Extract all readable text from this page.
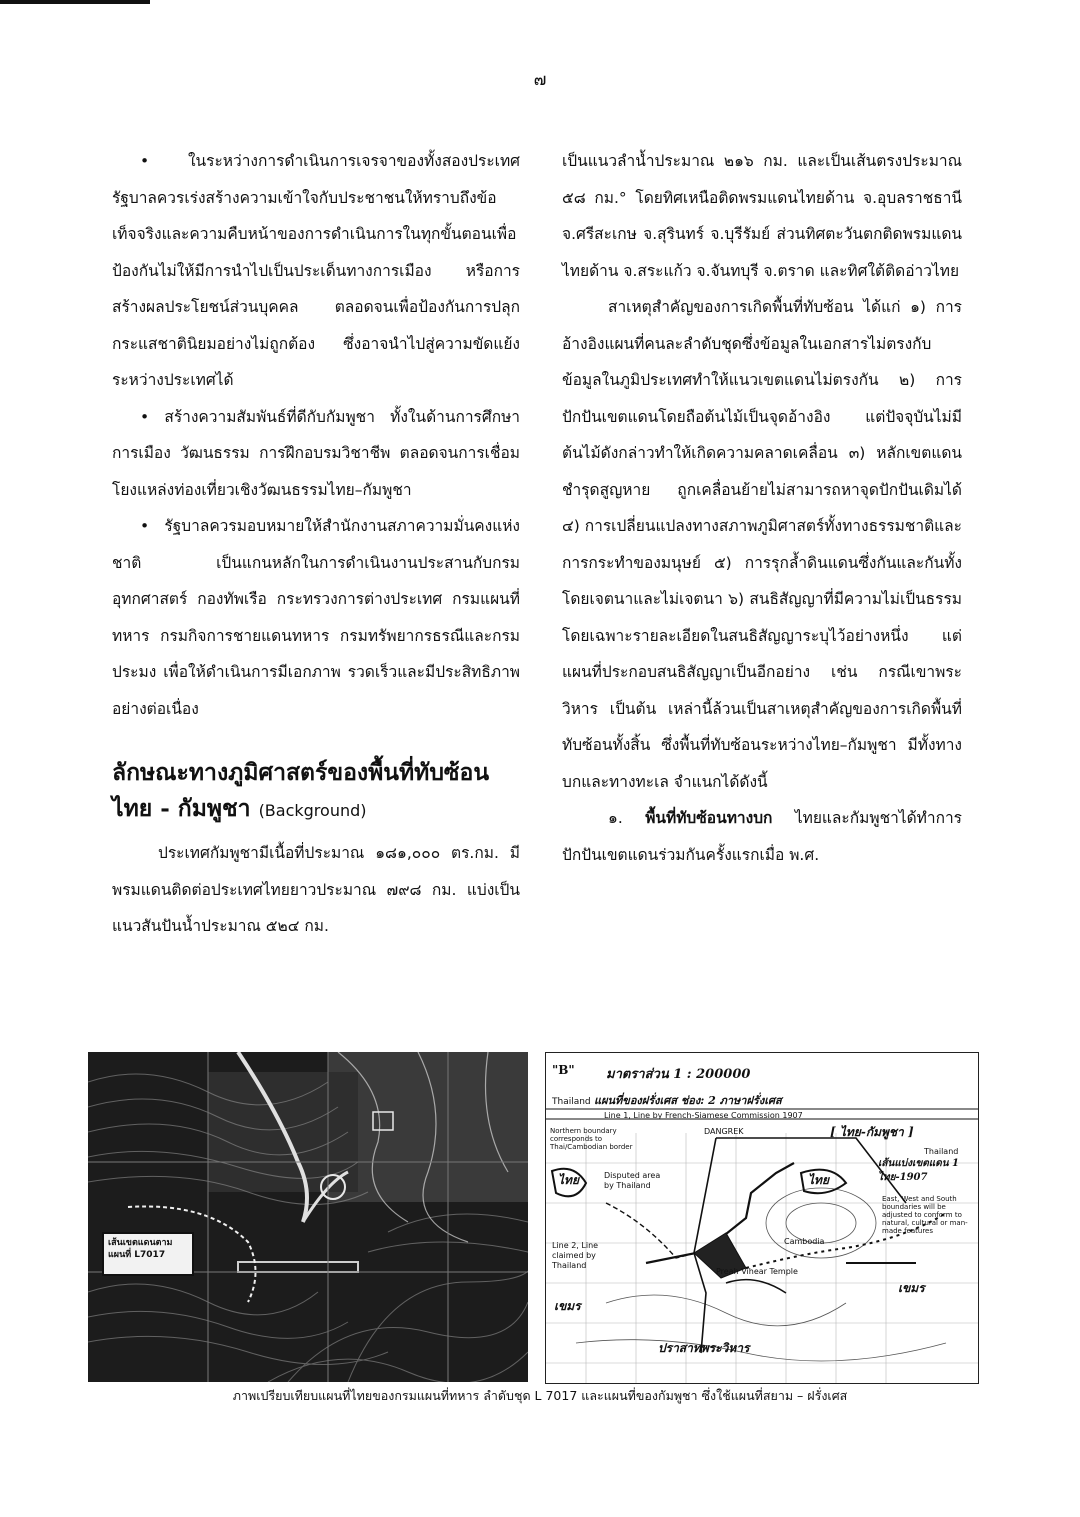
๗

• ในระหว่างการดำเนินการเจรจาของทั้งสองประเทศ รัฐบาลควรเร่งสร้างความเข้าใจกับประชาชนให้ทราบถึงข้อเท็จจริงและความคืบหน้าของการดำเนินการในทุกขั้นตอนเพื่อป้องกันไม่ให้มีการนำไปเป็นประเด็นทางการเมือง หรือการสร้างผลประโยชน์ส่วนบุคคล ตลอดจนเพื่อป้องกันการปลุกกระแสชาตินิยมอย่างไม่ถูกต้อง ซึ่งอาจนำไปสู่ความขัดแย้งระหว่างประเทศได้

• สร้างความสัมพันธ์ที่ดีกับกัมพูชา ทั้งในด้านการศึกษา การเมือง วัฒนธรรม การฝึกอบรมวิชาชีพ ตลอดจนการเชื่อมโยงแหล่งท่องเที่ยวเชิงวัฒนธรรมไทย–กัมพูชา

• รัฐบาลควรมอบหมายให้สำนักงานสภาความมั่นคงแห่งชาติ เป็นแกนหลักในการดำเนินงานประสานกับกรมอุทกศาสตร์ กองทัพเรือ กระทรวงการต่างประเทศ กรมแผนที่ทหาร กรมกิจการชายแดนทหาร กรมทรัพยากรธรณีและกรมประมง เพื่อให้ดำเนินการมีเอกภาพ รวดเร็วและมีประสิทธิภาพอย่างต่อเนื่อง

ลักษณะทางภูมิศาสตร์ของพื้นที่ทับซ้อน
ไทย - กัมพูชา (Background)

ประเทศกัมพูชามีเนื้อที่ประมาณ ๑๘๑,๐๐๐ ตร.กม. มีพรมแดนติดต่อประเทศไทยยาวประมาณ ๗๙๘ กม. แบ่งเป็นแนวสันปันน้ำประมาณ ๕๒๔ กม.

เป็นแนวลำน้ำประมาณ ๒๑๖ กม. และเป็นเส้นตรงประมาณ ๕๘ กม.° โดยทิศเหนือติดพรมแดนไทยด้าน จ.อุบลราชธานี จ.ศรีสะเกษ จ.สุรินทร์ จ.บุรีรัมย์ ส่วนทิศตะวันตกติดพรมแดนไทยด้าน จ.สระแก้ว จ.จันทบุรี จ.ตราด และทิศใต้ติดอ่าวไทย

สาเหตุสำคัญของการเกิดพื้นที่ทับซ้อน ได้แก่ ๑) การอ้างอิงแผนที่คนละลำดับชุดซึ่งข้อมูลในเอกสารไม่ตรงกับข้อมูลในภูมิประเทศทำให้แนวเขตแดนไม่ตรงกัน ๒) การปักปันเขตแดนโดยถือต้นไม้เป็นจุดอ้างอิง แต่ปัจจุบันไม่มีต้นไม้ดังกล่าวทำให้เกิดความคลาดเคลื่อน ๓) หลักเขตแดนชำรุดสูญหาย ถูกเคลื่อนย้ายไม่สามารถหาจุดปักปันเดิมได้ ๔) การเปลี่ยนแปลงทางสภาพภูมิศาสตร์ทั้งทางธรรมชาติและการกระทำของมนุษย์ ๕) การรุกล้ำดินแดนซึ่งกันและกันทั้งโดยเจตนาและไม่เจตนา ๖) สนธิสัญญาที่มีความไม่เป็นธรรม โดยเฉพาะรายละเอียดในสนธิสัญญาระบุไว้อย่างหนึ่ง แต่แผนที่ประกอบสนธิสัญญาเป็นอีกอย่าง เช่น กรณีเขาพระวิหาร เป็นต้น เหล่านี้ล้วนเป็นสาเหตุสำคัญของการเกิดพื้นที่ทับซ้อนทั้งสิ้น ซึ่งพื้นที่ทับซ้อนระหว่างไทย–กัมพูชา มีทั้งทางบกและทางทะเล จำแนกได้ดังนี้

๑. พื้นที่ทับซ้อนทางบก ไทยและกัมพูชาได้ทำการปักปันเขตแดนร่วมกันครั้งแรกเมื่อ พ.ศ.

เส้นเขตแดนตาม
แผนที่ L7017
"B" มาตราส่วน 1 : 200000
แผนที่ของฝรั่งเศส ช่อง: 2 ภาษาฝรั่งเศส
Thailand
Line 1, Line by French-Siamese Commission 1907
[ ไทย-กัมพูชา ]
Northern boundary corresponds to Thai/Cambodian border
DANGREK
Thailand
ไทย	ไทย
Disputed area by Thailand
เส้นแบ่งเขตแดน 1 ไทย-1907
East, West and South boundaries will be adjusted to conform to natural, cultural or man-made features
Line 2, Line claimed by Thailand
Cambodia
Preah Vihear Temple
เขมร
เขมร
ปราสาทพระวิหาร
ภาพเปรียบเทียบแผนที่ไทยของกรมแผนที่ทหาร ลำดับชุด L 7017 และแผนที่ของกัมพูชา ซึ่งใช้แผนที่สยาม – ฝรั่งเศส
